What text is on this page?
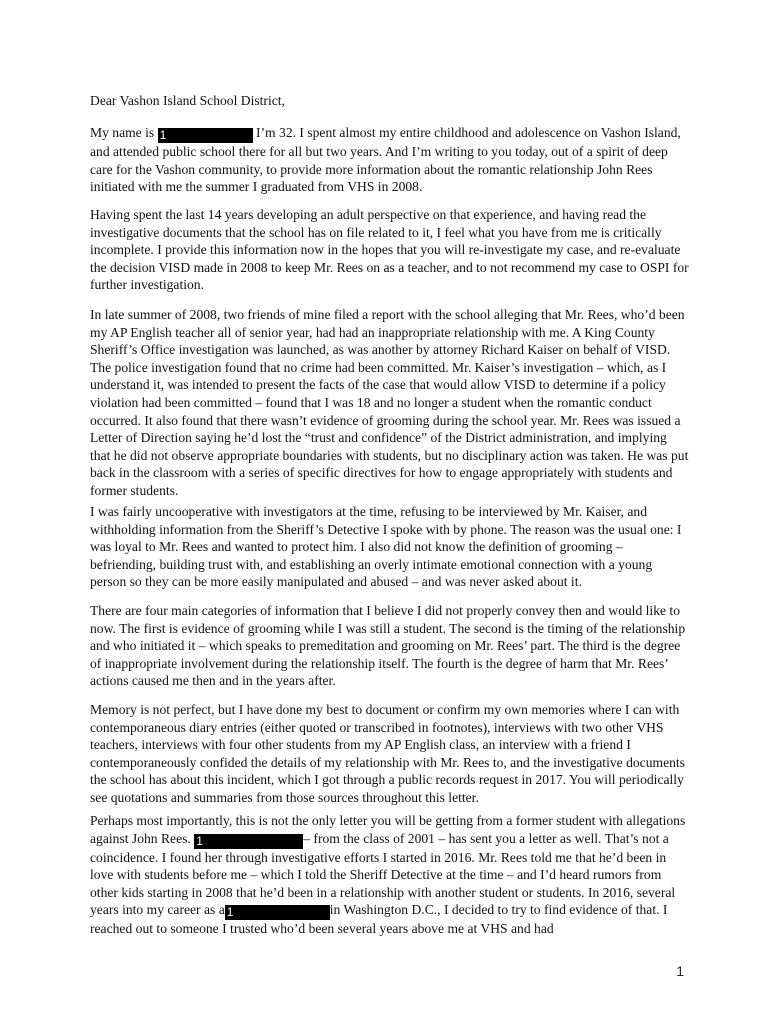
Dear Vashon Island School District,

My name is 1	I’m 32. I spent almost my entire childhood and adolescence on Vashon Island, and attended public school there for all but two years. And I’m writing to you today, out of a spirit of deep care for the Vashon community, to provide more information about the romantic relationship John Rees initiated with me the summer I graduated from VHS in 2008.

Having spent the last 14 years developing an adult perspective on that experience, and having read the investigative documents that the school has on file related to it, I feel what you have from me is critically incomplete. I provide this information now in the hopes that you will re-investigate my case, and re-evaluate the decision VISD made in 2008 to keep Mr. Rees on as a teacher, and to not recommend my case to OSPI for further investigation.

In late summer of 2008, two friends of mine filed a report with the school alleging that Mr. Rees, who’d been my AP English teacher all of senior year, had had an inappropriate relationship with me. A King County Sheriff’s Office investigation was launched, as was another by attorney Richard Kaiser on behalf of VISD. The police investigation found that no crime had been committed. Mr. Kaiser’s investigation – which, as I understand it, was intended to present the facts of the case that would allow VISD to determine if a policy violation had been committed – found that I was 18 and no longer a student when the romantic conduct occurred. It also found that there wasn’t evidence of grooming during the school year. Mr. Rees was issued a Letter of Direction saying he’d lost the “trust and confidence” of the District administration, and implying that he did not observe appropriate boundaries with students, but no disciplinary action was taken. He was put back in the classroom with a series of specific directives for how to engage appropriately with students and former students.

I was fairly uncooperative with investigators at the time, refusing to be interviewed by Mr. Kaiser, and withholding information from the Sheriff’s Detective I spoke with by phone. The reason was the usual one: I was loyal to Mr. Rees and wanted to protect him. I also did not know the definition of grooming – befriending, building trust with, and establishing an overly intimate emotional connection with a young person so they can be more easily manipulated and abused – and was never asked about it.

There are four main categories of information that I believe I did not properly convey then and would like to now. The first is evidence of grooming while I was still a student. The second is the timing of the relationship and who initiated it – which speaks to premeditation and grooming on Mr. Rees’ part. The third is the degree of inappropriate involvement during the relationship itself. The fourth is the degree of harm that Mr. Rees’ actions caused me then and in the years after.

Memory is not perfect, but I have done my best to document or confirm my own memories where I can with contemporaneous diary entries (either quoted or transcribed in footnotes), interviews with two other VHS teachers, interviews with four other students from my AP English class, an interview with a friend I contemporaneously confided the details of my relationship with Mr. Rees to, and the investigative documents the school has about this incident, which I got through a public records request in 2017. You will periodically see quotations and summaries from those sources throughout this letter.

Perhaps most importantly, this is not the only letter you will be getting from a former student with allegations against John Rees. 1	– from the class of 2001 – has sent you a letter as well. That’s not a coincidence. I found her through investigative efforts I started in 2016. Mr. Rees told me that he’d been in love with students before me – which I told the Sheriff Detective at the time – and I’d heard rumors from other kids starting in 2008 that he’d been in a relationship with another student or students. In 2016, several years into my career as a 1	in Washington D.C., I decided to try to find evidence of that. I reached out to someone I trusted who’d been several years above me at VHS and had

1
